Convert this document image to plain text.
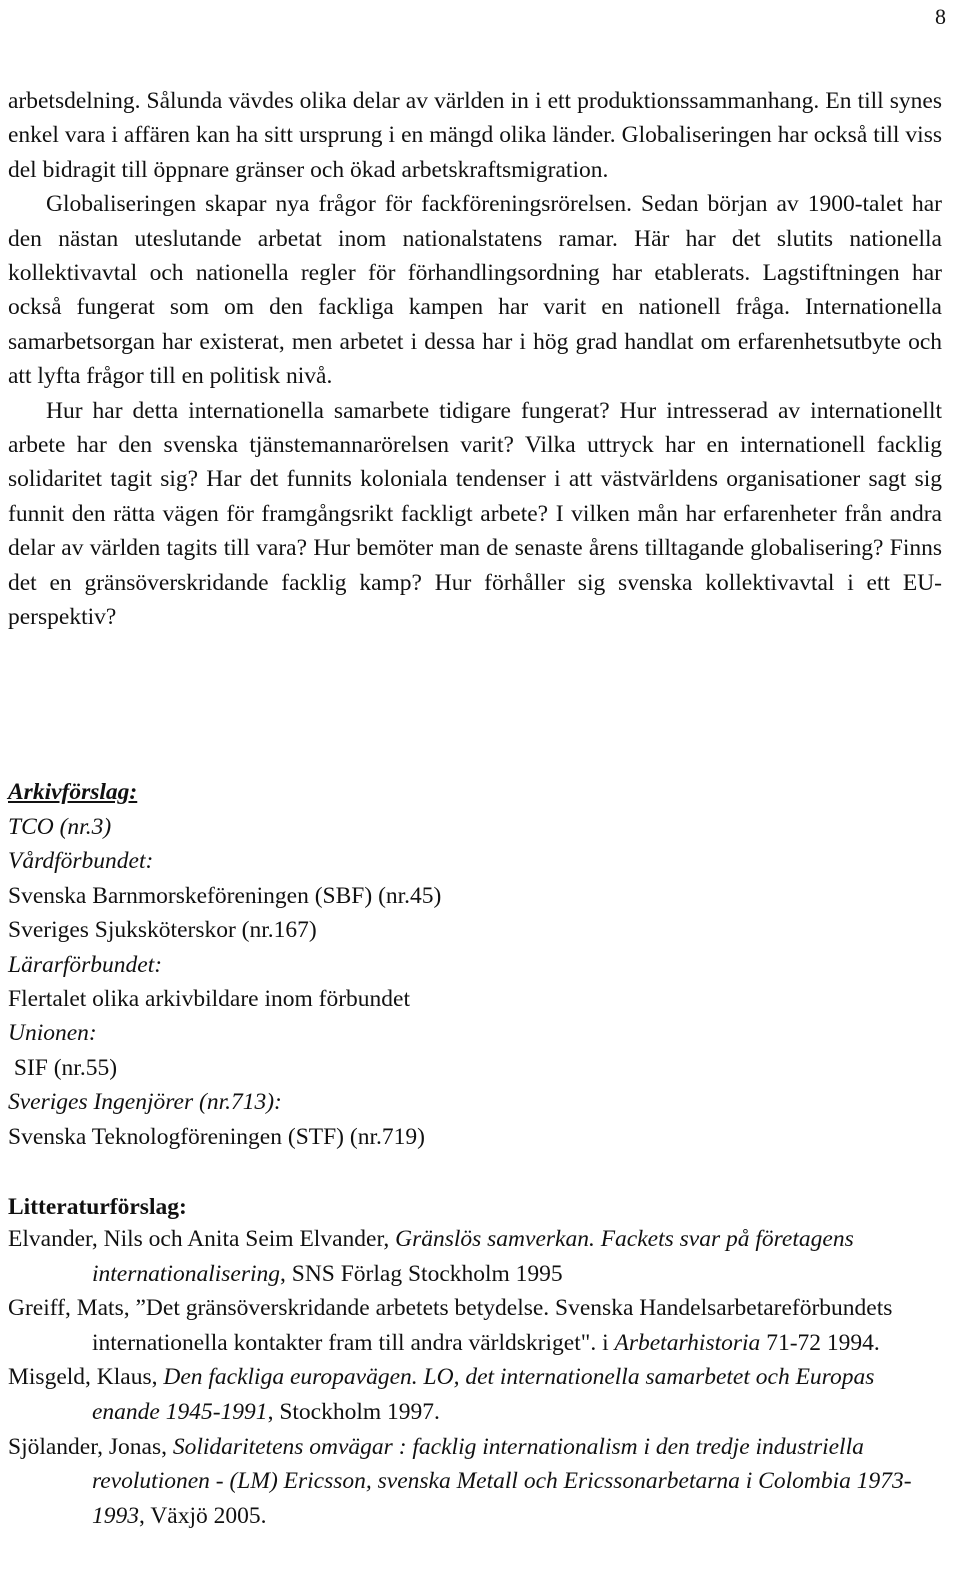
8

arbetsdelning. Sålunda vävdes olika delar av världen in i ett produktionssammanhang. En till synes enkel vara i affären kan ha sitt ursprung i en mängd olika länder. Globaliseringen har också till viss del bidragit till öppnare gränser och ökad arbetskraftsmigration.

Globaliseringen skapar nya frågor för fackföreningsrörelsen. Sedan början av 1900-talet har den nästan uteslutande arbetat inom nationalstatens ramar. Här har det slutits nationella kollektivavtal och nationella regler för förhandlingsordning har etablerats. Lagstiftningen har också fungerat som om den fackliga kampen har varit en nationell fråga. Internationella samarbetsorgan har existerat, men arbetet i dessa har i hög grad handlat om erfarenhetsutbyte och att lyfta frågor till en politisk nivå.

Hur har detta internationella samarbete tidigare fungerat? Hur intresserad av internationellt arbete har den svenska tjänstemannarörelsen varit? Vilka uttryck har en internationell facklig solidaritet tagit sig? Har det funnits koloniala tendenser i att västvärldens organisationer sagt sig funnit den rätta vägen för framgångsrikt fackligt arbete? I vilken mån har erfarenheter från andra delar av världen tagits till vara? Hur bemöter man de senaste årens tilltagande globalisering? Finns det en gränsöverskridande facklig kamp? Hur förhåller sig svenska kollektivavtal i ett EU-perspektiv?

Arkivförslag:
TCO (nr.3)
Vårdförbundet:
Svenska Barnmorskeföreningen (SBF) (nr.45)
Sveriges Sjuksköterskor (nr.167)
Lärarförbundet:
Flertalet olika arkivbildare inom förbundet
Unionen:
SIF (nr.55)
Sveriges Ingenjörer (nr.713):
Svenska Teknologföreningen (STF) (nr.719)
Litteraturförslag:

Elvander, Nils och Anita Seim Elvander, Gränslös samverkan. Fackets svar på företagens internationalisering, SNS Förlag Stockholm 1995

Greiff, Mats, ”Det gränsöverskridande arbetets betydelse. Svenska Handelsarbetareförbundets internationella kontakter fram till andra världskriget". i Arbetarhistoria 71-72 1994.

Misgeld, Klaus, Den fackliga europavägen. LO, det internationella samarbetet och Europas enande 1945-1991, Stockholm 1997.

Sjölander, Jonas, Solidaritetens omvägar : facklig internationalism i den tredje industriella revolutionen - (LM) Ericsson, svenska Metall och Ericssonarbetarna i Colombia 1973-1993, Växjö 2005.
